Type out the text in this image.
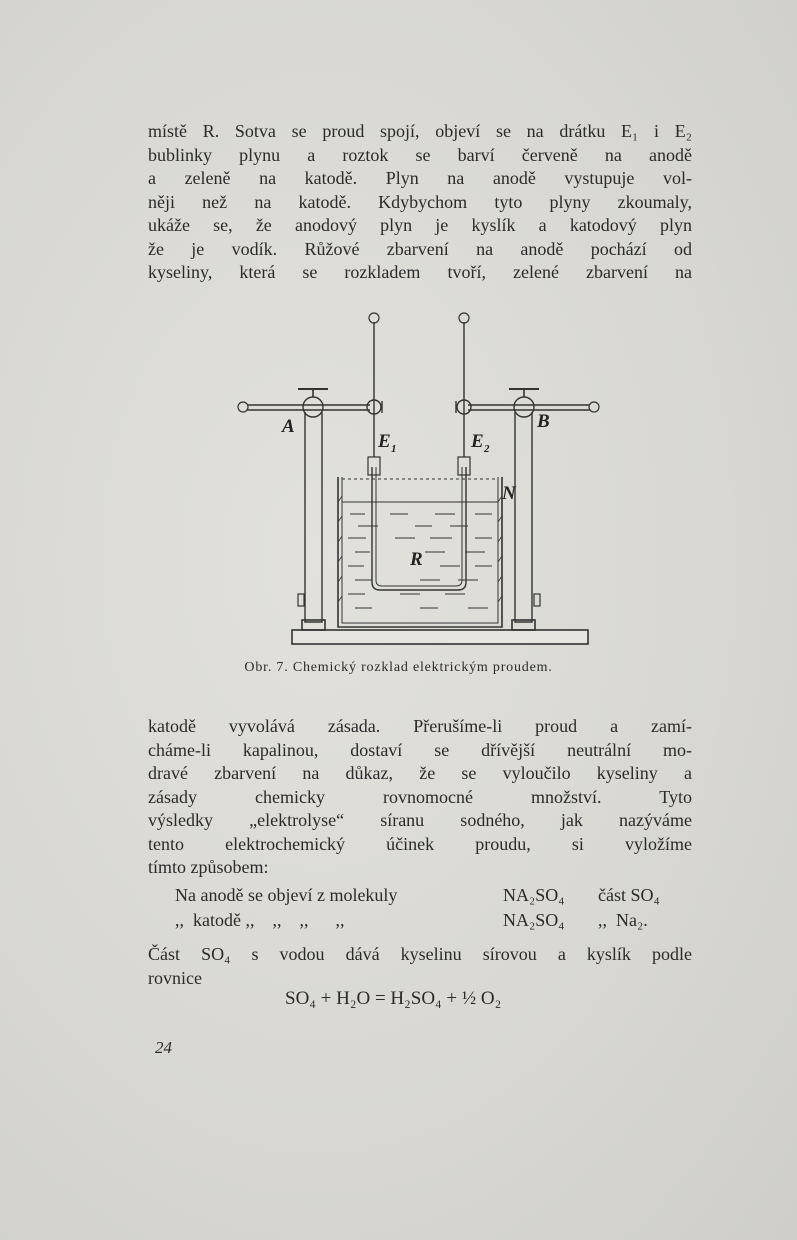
místě R. Sotva se proud spojí, objeví se na drátku E₁ i E₂
bublinky plynu a roztok se barví červeně na anodě
a zeleně na katodě. Plyn na anodě vystupuje vol-
něji než na katodě. Kdybychom tyto plyny zkoumaly,
ukáže se, že anodový plyn je kyslík a katodový plyn
že je vodík. Růžové zbarvení na anodě pochází od
kyseliny, která se rozkladem tvoří, zelené zbarvení na
A	B
E 1	E 2
N
R
Obr. 7. Chemický rozklad elektrickým proudem.
katodě vyvolává zásada. Přerušíme-li proud a zamí-
cháme-li kapalinou, dostaví se dřívější neutrální mo-
dravé zbarvení na důkaz, že se vyloučilo kyseliny a
zásady chemicky rovnomocné množství. Tyto
výsledky „elektrolyse“ síranu sodného, jak nazýváme
tento elektrochemický účinek proudu, si vyložíme
tímto způsobem:
Na anodě se objeví z molekuly	NA₂SO₄	část SO₄
,,  katodě ,,    ,,    ,,      ,,	NA₂SO₄	,,  Na₂.
Část SO₄ s vodou dává kyselinu sírovou a kyslík podle
rovnice
SO₄ + H₂O = H₂SO₄ + ½ O₂
24
